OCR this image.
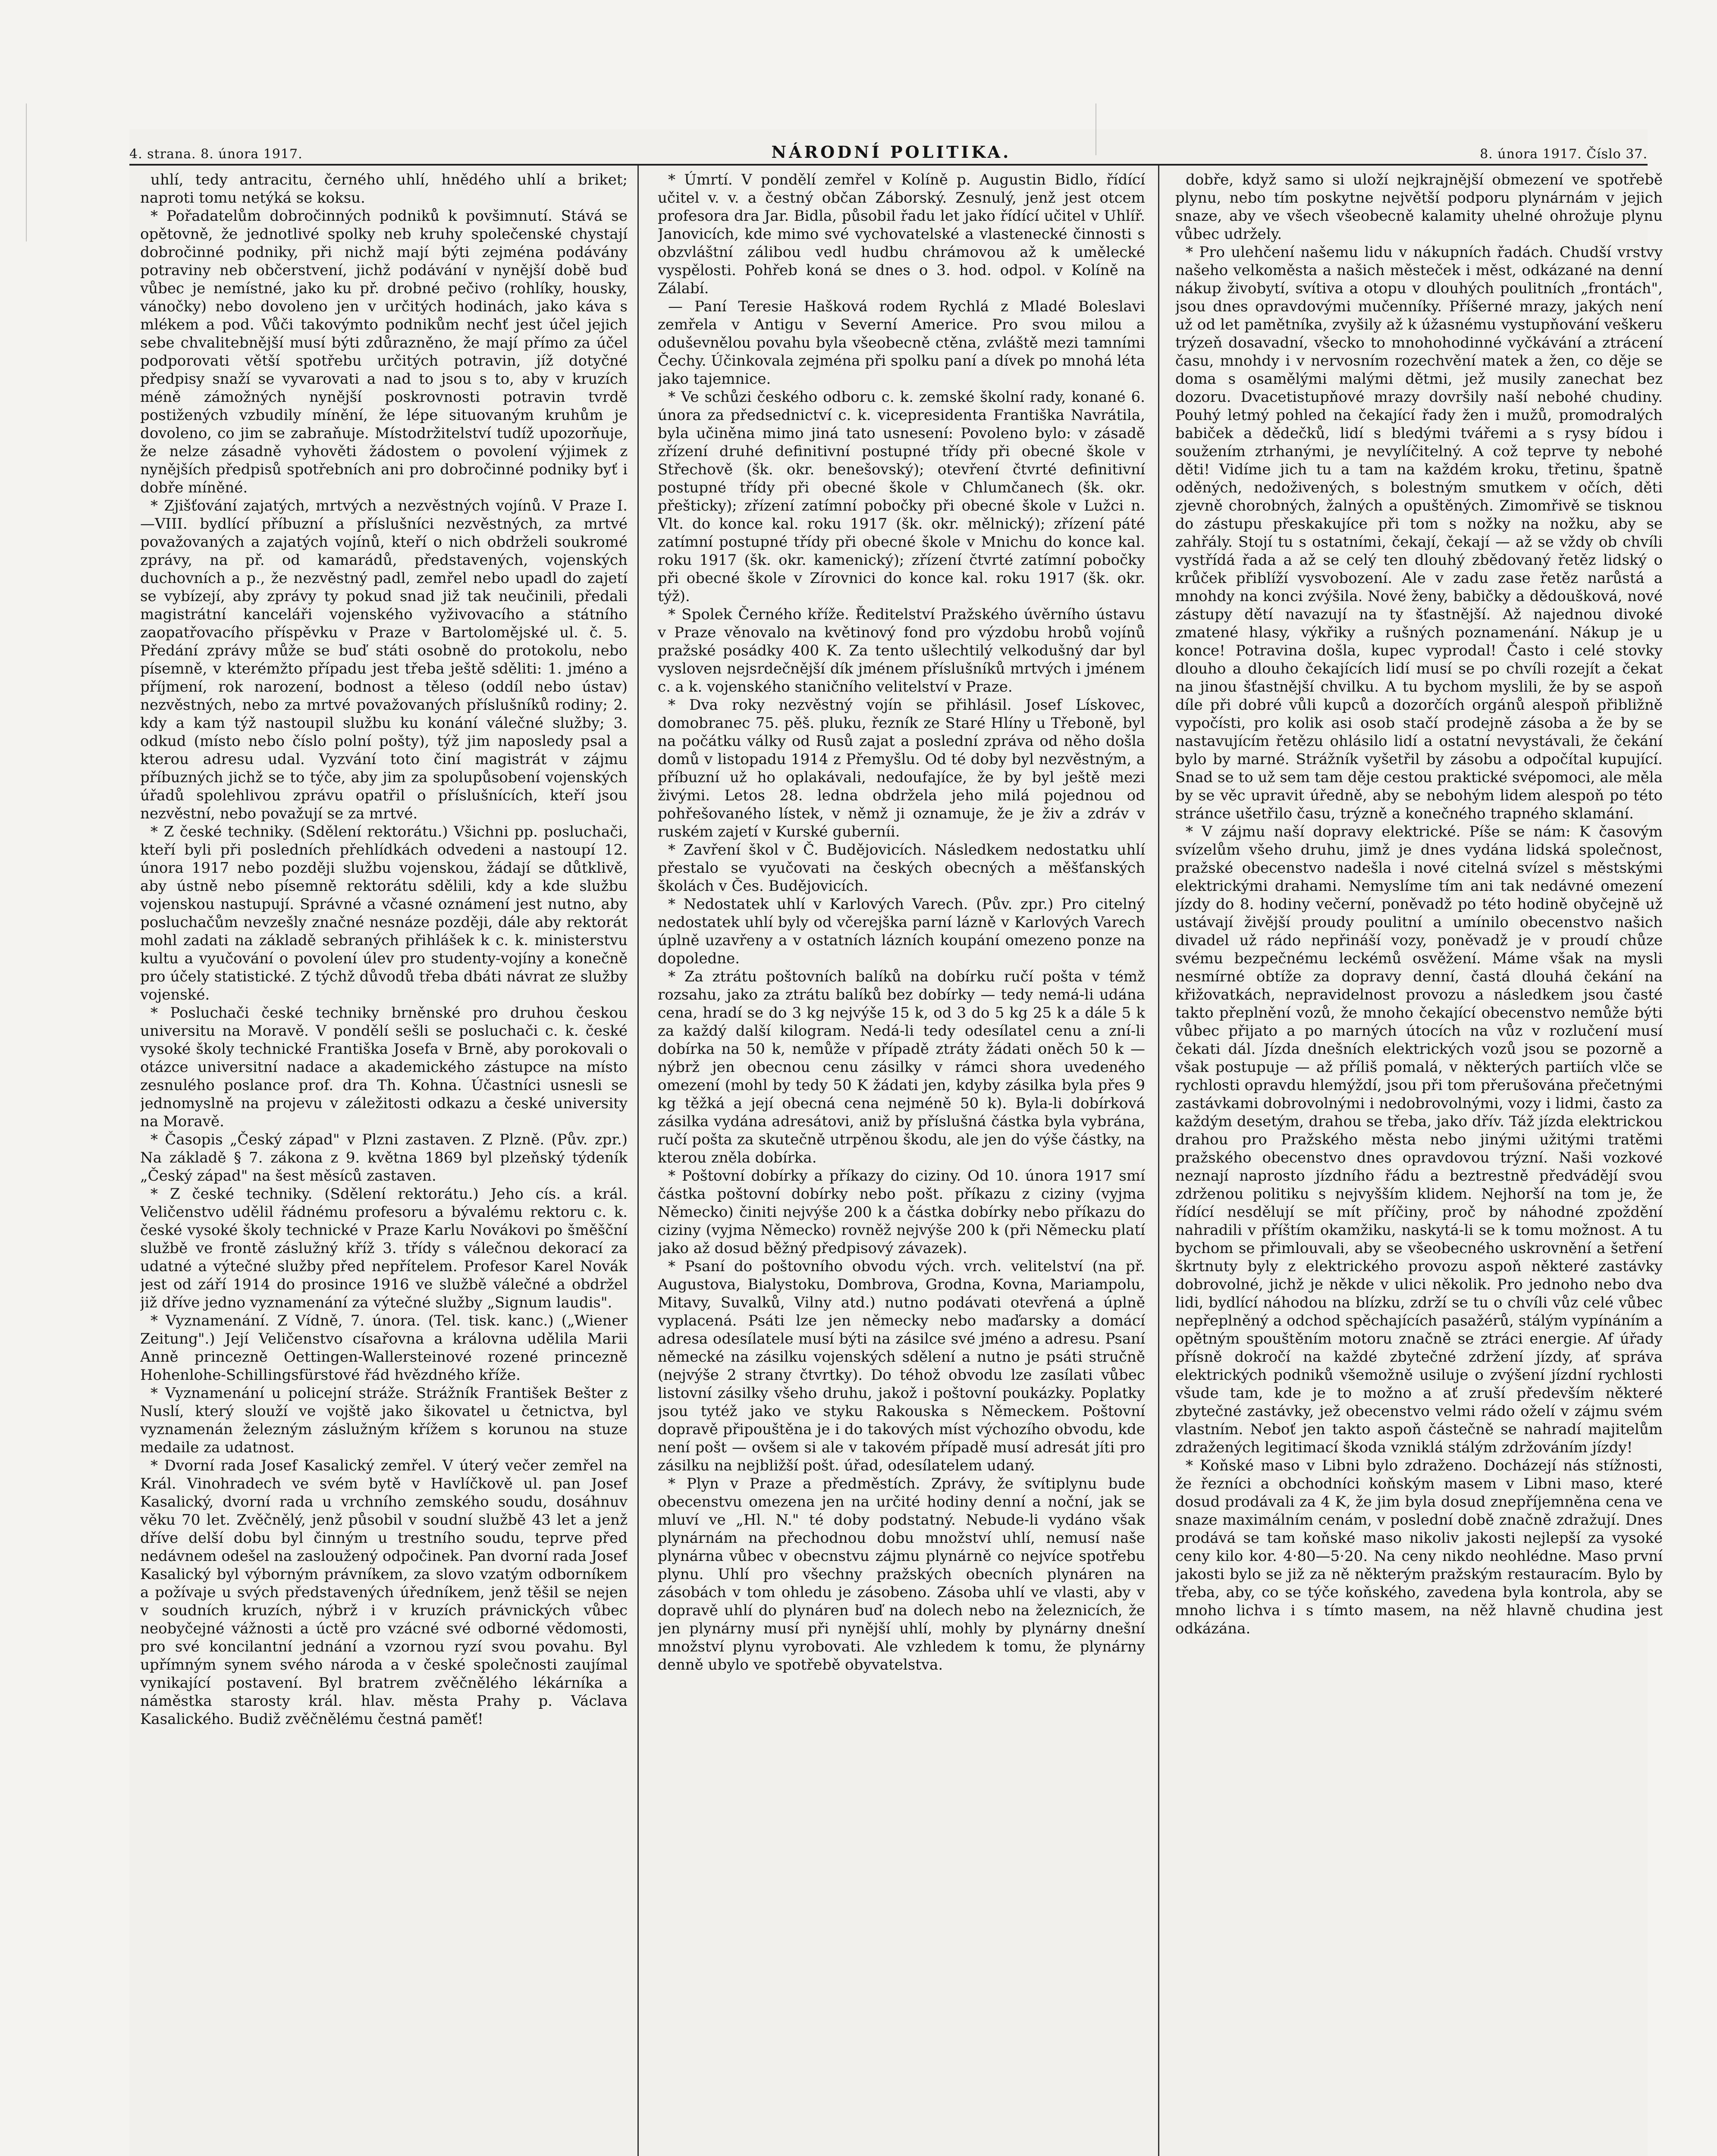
4. strana. 8. února 1917.	NÁRODNÍ POLITIKA.	8. února 1917. Číslo 37.

uhlí, tedy antracitu, černého uhlí, hnědého uhlí a briket; naproti tomu netýká se koksu.

* Pořadatelům dobročinných podniků k povšimnutí. Stává se opětovně, že jednotlivé spolky neb kruhy společenské chystají dobročinné podniky, při nichž mají býti zejména podávány potraviny neb občerstvení, jichž podávání v nynější době buď vůbec je nemístné, jako ku př. drobné pečivo (rohlíky, housky, vánočky) nebo dovoleno jen v určitých hodinách, jako káva s mlékem a pod. Vůči takovýmto podnikům nechť jest účel jejich sebe chvalitebnější musí býti zdůrazněno, že mají přímo za účel podporovati větší spotřebu určitých potravin, jíž dotyčné předpisy snaží se vyvarovati a nad to jsou s to, aby v kruzích méně zámožných nynější poskrovnosti potravin tvrdě postižených vzbudily mínění, že lépe situovaným kruhům je dovoleno, co jim se zabraňuje. Místodržitelství tudíž upozorňuje, že nelze zásadně vyhověti žádostem o povolení výjimek z nynějších předpisů spotřebních ani pro dobročinné podniky byť i dobře míněné.

* Zjišťování zajatých, mrtvých a nezvěstných vojínů. V Praze I.—VIII. bydlící příbuzní a příslušníci nezvěstných, za mrtvé považovaných a zajatých vojínů, kteří o nich obdrželi soukromé zprávy, na př. od kamarádů, představených, vojenských duchovních a p., že nezvěstný padl, zemřel nebo upadl do zajetí se vybízejí, aby zprávy ty pokud snad již tak neučinili, předali magistrátní kanceláři vojenského vyživovacího a státního zaopatřovacího příspěvku v Praze v Bartolomějské ul. č. 5. Předání zprávy může se buď státi osobně do protokolu, nebo písemně, v kterémžto případu jest třeba ještě sděliti: 1. jméno a příjmení, rok narození, bodnost a těleso (oddíl nebo ústav) nezvěstných, nebo za mrtvé považovaných příslušníků rodiny; 2. kdy a kam týž nastoupil službu ku konání válečné služby; 3. odkud (místo nebo číslo polní pošty), týž jim naposledy psal a kterou adresu udal. Vyzvání toto činí magistrát v zájmu příbuzných jichž se to týče, aby jim za spolupůsobení vojenských úřadů spolehlivou zprávu opatřil o příslušnících, kteří jsou nezvěstní, nebo považují se za mrtvé.

* Z české techniky. (Sdělení rektorátu.) Všichni pp. posluchači, kteří byli při posledních přehlídkách odvedeni a nastoupí 12. února 1917 nebo později službu vojenskou, žádají se důtklivě, aby ústně nebo písemně rektorátu sdělili, kdy a kde službu vojenskou nastupují. Správné a včasné oznámení jest nutno, aby posluchačům nevzešly značné nesnáze později, dále aby rektorát mohl zadati na základě sebraných přihlášek k c. k. ministerstvu kultu a vyučování o povolení úlev pro studenty-vojíny a konečně pro účely statistické. Z týchž důvodů třeba dbáti návrat ze služby vojenské.

* Posluchači české techniky brněnské pro druhou českou universitu na Moravě. V pondělí sešli se posluchači c. k. české vysoké školy technické Františka Josefa v Brně, aby porokovali o otázce universitní nadace a akademického zástupce na místo zesnulého poslance prof. dra Th. Kohna. Účastníci usnesli se jednomyslně na projevu v záležitosti odkazu a české university na Moravě.

* Časopis „Český západ" v Plzni zastaven. Z Plzně. (Pův. zpr.) Na základě § 7. zákona z 9. května 1869 byl plzeňský týdeník „Český západ" na šest měsíců zastaven.

* Z české techniky. (Sdělení rektorátu.) Jeho cís. a král. Veličenstvo udělil řádnému profesoru a bývalému rektoru c. k. české vysoké školy technické v Praze Karlu Novákovi po šměšční službě ve frontě záslužný kříž 3. třídy s válečnou dekorací za udatné a výtečné služby před nepřítelem. Profesor Karel Novák jest od září 1914 do prosince 1916 ve službě válečné a obdržel již dříve jedno vyznamenání za výtečné služby „Signum laudis".

* Vyznamenání. Z Vídně, 7. února. (Tel. tisk. kanc.) („Wiener Zeitung".) Její Veličenstvo císařovna a královna udělila Marii Anně princezně Oettingen-Wallersteinové rozené princezně Hohenlohe-Schillingsfürstové řád hvězdného kříže.

* Vyznamenání u policejní stráže. Strážník František Bešter z Nuslí, který slouží ve vojště jako šikovatel u četnictva, byl vyznamenán železným záslužným křížem s korunou na stuze medaile za udatnost.

* Dvorní rada Josef Kasalický zemřel. V úterý večer zemřel na Král. Vinohradech ve svém bytě v Havlíčkově ul. pan Josef Kasalický, dvorní rada u vrchního zemského soudu, dosáhnuv věku 70 let. Zvěčnělý, jenž působil v soudní službě 43 let a jenž dříve delší dobu byl činným u trestního soudu, teprve před nedávnem odešel na zasloužený odpočinek. Pan dvorní rada Josef Kasalický byl výborným právníkem, za slovo vzatým odborníkem a požívaje u svých představených úředníkem, jenž těšil se nejen v soudních kruzích, nýbrž i v kruzích právnických vůbec neobyčejné vážnosti a úctě pro vzácné své odborné vědomosti, pro své koncilantní jednání a vzornou ryzí svou povahu. Byl upřímným synem svého národa a v české společnosti zaujímal vynikající postavení. Byl bratrem zvěčnělého lékárníka a náměstka starosty král. hlav. města Prahy p. Václava Kasalického. Budiž zvěčnělému čestná paměť!

* Úmrtí. V pondělí zemřel v Kolíně p. Augustin Bidlo, řídící učitel v. v. a čestný občan Záborský. Zesnulý, jenž jest otcem profesora dra Jar. Bidla, působil řadu let jako řídící učitel v Uhlíř. Janovicích, kde mimo své vychovatelské a vlastenecké činnosti s obzvláštní zálibou vedl hudbu chrámovou až k umělecké vyspělosti. Pohřeb koná se dnes o 3. hod. odpol. v Kolíně na Zálabí.

— Paní Teresie Hašková rodem Rychlá z Mladé Boleslavi zemřela v Antigu v Severní Americe. Pro svou milou a oduševnělou povahu byla všeobecně ctěna, zvláště mezi tamními Čechy. Účinkovala zejména při spolku paní a dívek po mnohá léta jako tajemnice.

* Ve schůzi českého odboru c. k. zemské školní rady, konané 6. února za předsednictví c. k. vicepresidenta Františka Navrátila, byla učiněna mimo jiná tato usnesení: Povoleno bylo: v zásadě zřízení druhé definitivní postupné třídy při obecné škole v Střechově (šk. okr. benešovský); otevření čtvrté definitivní postupné třídy při obecné škole v Chlumčanech (šk. okr. přešticky); zřízení zatímní pobočky při obecné škole v Lužci n. Vlt. do konce kal. roku 1917 (šk. okr. mělnický); zřízení páté zatímní postupné třídy při obecné škole v Mnichu do konce kal. roku 1917 (šk. okr. kamenický); zřízení čtvrté zatímní pobočky při obecné škole v Zírovnici do konce kal. roku 1917 (šk. okr. týž).

* Spolek Černého kříže. Ředitelství Pražského úvěrního ústavu v Praze věnovalo na květinový fond pro výzdobu hrobů vojínů pražské posádky 400 K. Za tento ušlechtilý velkodušný dar byl vysloven nejsrdečnější dík jménem příslušníků mrtvých i jménem c. a k. vojenského staničního velitelství v Praze.

* Dva roky nezvěstný vojín se přihlásil. Josef Lískovec, domobranec 75. pěš. pluku, řezník ze Staré Hlíny u Třeboně, byl na počátku války od Rusů zajat a poslední zpráva od něho došla domů v listopadu 1914 z Přemyšlu. Od té doby byl nezvěstným, a příbuzní už ho oplakávali, nedoufajíce, že by byl ještě mezi živými. Letos 28. ledna obdržela jeho milá pojednou od pohřešovaného lístek, v němž ji oznamuje, že je živ a zdráv v ruském zajetí v Kurské guberníi.

* Zavření škol v Č. Budějovicích. Následkem nedostatku uhlí přestalo se vyučovati na českých obecných a měšťanských školách v Čes. Budějovicích.

* Nedostatek uhlí v Karlových Varech. (Pův. zpr.) Pro citelný nedostatek uhlí byly od včerejška parní lázně v Karlových Varech úplně uzavřeny a v ostatních lázních koupání omezeno ponze na dopoledne.

* Za ztrátu poštovních balíků na dobírku ručí pošta v témž rozsahu, jako za ztrátu balíků bez dobírky — tedy nemá-li udána cena, hradí se do 3 kg nejvýše 15 k, od 3 do 5 kg 25 k a dále 5 k za každý další kilogram. Nedá-li tedy odesílatel cenu a zní-li dobírka na 50 k, nemůže v případě ztráty žádati oněch 50 k — nýbrž jen obecnou cenu zásilky v rámci shora uvedeného omezení (mohl by tedy 50 K žádati jen, kdyby zásilka byla přes 9 kg těžká a její obecná cena nejméně 50 k). Byla-li dobírková zásilka vydána adresátovi, aniž by příslušná částka byla vybrána, ručí pošta za skutečně utrpěnou škodu, ale jen do výše částky, na kterou zněla dobírka.

* Poštovní dobírky a příkazy do ciziny. Od 10. února 1917 smí částka poštovní dobírky nebo pošt. příkazu z ciziny (vyjma Německo) činiti nejvýše 200 k a částka dobírky nebo příkazu do ciziny (vyjma Německo) rovněž nejvýše 200 k (při Německu platí jako až dosud běžný předpisový závazek).

* Psaní do poštovního obvodu vých. vrch. velitelství (na př. Augustova, Bialystoku, Dombrova, Grodna, Kovna, Mariampolu, Mitavy, Suvalků, Vilny atd.) nutno podávati otevřená a úplně vyplacená. Psáti lze jen německy nebo maďarsky a domácí adresa odesílatele musí býti na zásilce své jméno a adresu. Psaní německé na zásilku vojenských sdělení a nutno je psáti stručně (nejvýše 2 strany čtvrtky). Do téhož obvodu lze zasílati vůbec listovní zásilky všeho druhu, jakož i poštovní poukázky. Poplatky jsou tytéž jako ve styku Rakouska s Německem. Poštovní dopravě připouštěna je i do takových míst výchozího obvodu, kde není pošt — ovšem si ale v takovém případě musí adresát jíti pro zásilku na nejbližší pošt. úřad, odesílatelem udaný.

* Plyn v Praze a předměstích. Zprávy, že svítiplynu bude obecenstvu omezena jen na určité hodiny denní a noční, jak se mluví ve „Hl. N." té doby podstatný. Nebude-li vydáno však plynárnám na přechodnou dobu množství uhlí, nemusí naše plynárna vůbec v obecnstvu zájmu plynárně co nejvíce spotřebu plynu. Uhlí pro všechny pražských obecních plynáren na zásobách v tom ohledu je zásobeno. Zásoba uhlí ve vlasti, aby v dopravě uhlí do plynáren buď na dolech nebo na železnicích, že jen plynárny musí při nynější uhlí, mohly by plynárny dnešní množství plynu vyrobovati. Ale vzhledem k tomu, že plynárny denně ubylo ve spotřebě obyvatelstva.

dobře, když samo si uloží nejkrajnější obmezení ve spotřebě plynu, nebo tím poskytne největší podporu plynárnám v jejich snaze, aby ve všech všeobecně kalamity uhelné ohrožuje plynu vůbec udržely.

* Pro ulehčení našemu lidu v nákupních řadách. Chudší vrstvy našeho velkoměsta a našich městeček i měst, odkázané na denní nákup živobytí, svítiva a otopu v dlouhých poulitních „frontách", jsou dnes opravdovými mučenníky. Příšerné mrazy, jakých není už od let pamětníka, zvyšily až k úžasnému vystupňování veškeru trýzeň dosavadní, všecko to mnohohodinné vyčkávání a ztrácení času, mnohdy i v nervosním rozechvění matek a žen, co děje se doma s osamělými malými dětmi, jež musily zanechat bez dozoru. Dvacetistupňové mrazy dovršily naší nebohé chudiny. Pouhý letmý pohled na čekající řady žen i mužů, promodralých babiček a dědečků, lidí s bledými tvářemi a s rysy bídou i soužením ztrhanými, je nevylíčitelný. A což teprve ty nebohé děti! Vidíme jich tu a tam na každém kroku, třetinu, špatně oděných, nedoživených, s bolestným smutkem v očích, děti zjevně chorobných, žalných a opuštěných. Zimomřivě se tisknou do zástupu přeskakujíce při tom s nožky na nožku, aby se zahřály. Stojí tu s ostatními, čekají, čekají — až se vždy ob chvíli vystřídá řada a až se celý ten dlouhý zbědovaný řetěz lidský o krůček přiblíží vysvobození. Ale v zadu zase řetěz narůstá a mnohdy na konci zvýšila. Nové ženy, babičky a dědoušková, nové zástupy dětí navazují na ty šťastnější. Až najednou divoké zmatené hlasy, výkřiky a rušných poznamenání. Nákup je u konce! Potravina došla, kupec vyprodal! Často i celé stovky dlouho a dlouho čekajících lidí musí se po chvíli rozejít a čekat na jinou šťastnější chvilku. A tu bychom myslili, že by se aspoň díle při dobré vůli kupců a dozorčích orgánů alespoň přibližně vypočísti, pro kolik asi osob stačí prodejně zásoba a že by se nastavujícím řetězu ohlásilo lidí a ostatní nevystávali, že čekání bylo by marné. Strážník vyšetřil by zásobu a odpočítal kupující. Snad se to už sem tam děje cestou praktické svépomoci, ale měla by se věc upravit úředně, aby se nebohým lidem alespoň po této stránce ušetřilo času, trýzně a konečného trapného sklamání.

* V zájmu naší dopravy elektrické. Píše se nám: K časovým svízelům všeho druhu, jimž je dnes vydána lidská společnost, pražské obecenstvo nadešla i nové citelná svízel s městskými elektrickými drahami. Nemyslíme tím ani tak nedávné omezení jízdy do 8. hodiny večerní, poněvadž po této hodině obyčejně už ustávají živější proudy poulitní a umínilo obecenstvo našich divadel už rádo nepřináší vozy, poněvadž je v proudí chůze svému bezpečnému leckémů osvěžení. Máme však na mysli nesmírné obtíže za dopravy denní, častá dlouhá čekání na křižovatkách, nepravidelnost provozu a následkem jsou časté takto přeplnění vozů, že mnoho čekající obecenstvo nemůže býti vůbec přijato a po marných útocích na vůz v rozlučení musí čekati dál. Jízda dnešních elektrických vozů jsou se pozorně a však postupuje — až příliš pomalá, v některých partiích vlče se rychlosti opravdu hlemýždí, jsou při tom přerušována přečetnými zastávkami dobrovolnými i nedobrovolnými, vozy i lidmi, často za každým desetým, drahou se třeba, jako dřív. Táž jízda elektrickou drahou pro Pražského města nebo jinými užitými tratěmi pražského obecenstvo dnes opravdovou trýzní. Naši vozkové neznají naprosto jízdního řádu a beztrestně předvádějí svou zdrženou politiku s nejvyšším klidem. Nejhorší na tom je, že řídící nesdělují se mít příčiny, proč by náhodné zpoždění nahradili v příštím okamžiku, naskytá-li se k tomu možnost. A tu bychom se přimlouvali, aby se všeobecného uskrovnění a šetření škrtnuty byly z elektrického provozu aspoň některé zastávky dobrovolné, jichž je někde v ulici několik. Pro jednoho nebo dva lidi, bydlící náhodou na blízku, zdrží se tu o chvíli vůz celé vůbec nepřeplněný a odchod spěchajících pasažérů, stálým vypínáním a opětným spouštěním motoru značně se ztráci energie. Af úřady přísně dokročí na každé zbytečné zdržení jízdy, ať správa elektrických podniků všemožně usiluje o zvýšení jízdní rychlosti všude tam, kde je to možno a ať zruší především některé zbytečné zastávky, jež obecenstvo velmi rádo oželí v zájmu svém vlastním. Neboť jen takto aspoň částečně se nahradí majitelům zdražených legitimací škoda vzniklá stálým zdržováním jízdy!

* Koňské maso v Libni bylo zdraženo. Docházejí nás stížnosti, že řezníci a obchodníci koňským masem v Libni maso, které dosud prodávali za 4 K, že jim byla dosud znepříjemněna cena ve snaze maximálním cenám, v poslední době značně zdražují. Dnes prodává se tam koňské maso nikoliv jakosti nejlepší za vysoké ceny kilo kor. 4·80—5·20. Na ceny nikdo neohlédne. Maso první jakosti bylo se již za ně některým pražským restauracím. Bylo by třeba, aby, co se týče koňského, zavedena byla kontrola, aby se mnoho lichva i s tímto masem, na něž hlavně chudina jest odkázána.
